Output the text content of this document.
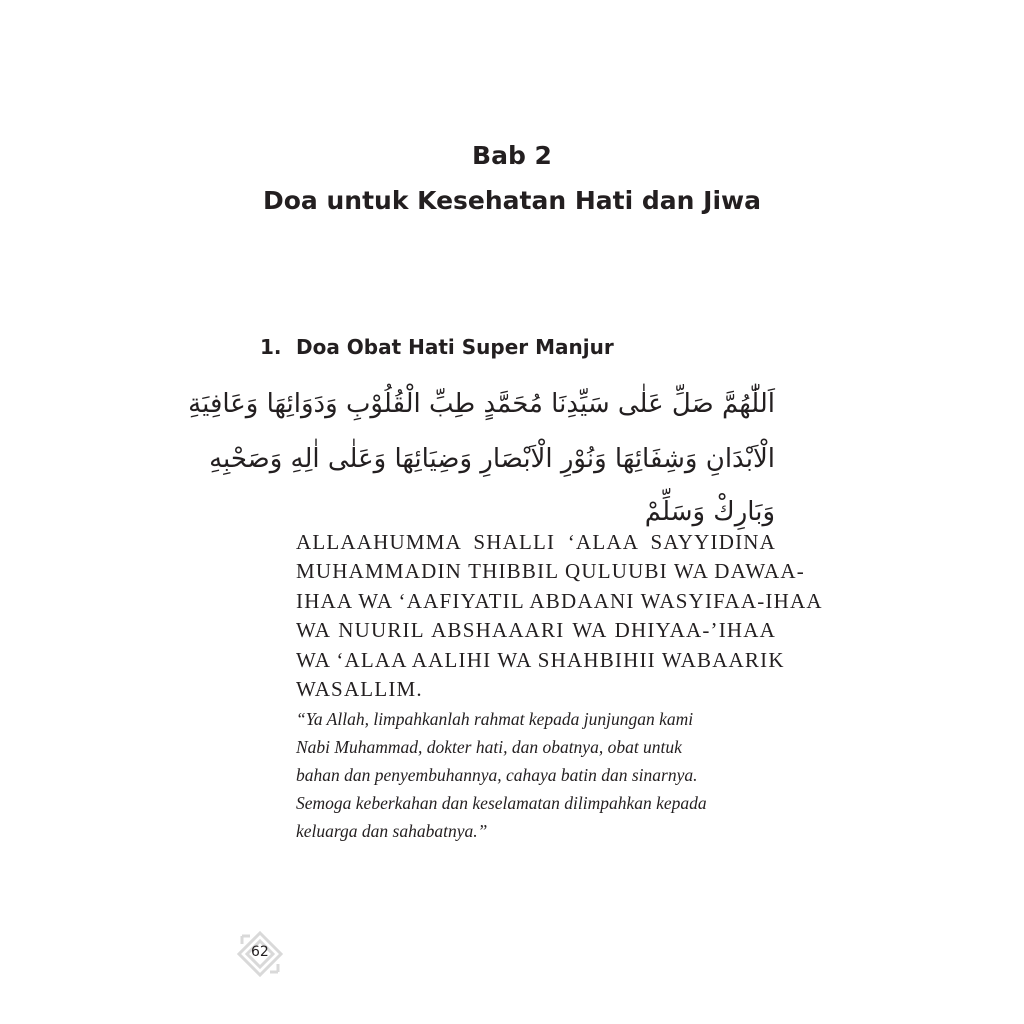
Bab 2
Doa untuk Kesehatan Hati dan Jiwa
1. Doa Obat Hati Super Manjur

اَللّٰهُمَّ صَلِّ عَلٰى سَيِّدِنَا مُحَمَّدٍ طِبِّ الْقُلُوْبِ وَدَوَائِهَا وَعَافِيَةِ

الْاَبْدَانِ وَشِفَائِهَا وَنُوْرِ الْاَبْصَارِ وَضِيَائِهَا وَعَلٰى اٰلِهِ وَصَحْبِهِ

وَبَارِكْ وَسَلِّمْ

ALLAAHUMMA SHALLI ‘ALAA SAYYIDINA
MUHAMMADIN THIBBIL QULUUBI WA DAWAA-
IHAA WA ‘AAFIYATIL ABDAANI WASYIFAA-IHAA
WA NUURIL ABSHAAARI WA DHIYAA-’IHAA
WA ‘ALAA AALIHI WA SHAHBIHII WABAARIK
WASALLIM.
“Ya Allah, limpahkanlah rahmat kepada junjungan kami
Nabi Muhammad, dokter hati, dan obatnya, obat untuk
bahan dan penyembuhannya, cahaya batin dan sinarnya.
Semoga keberkahan dan keselamatan dilimpahkan kepada
keluarga dan sahabatnya.”
62
